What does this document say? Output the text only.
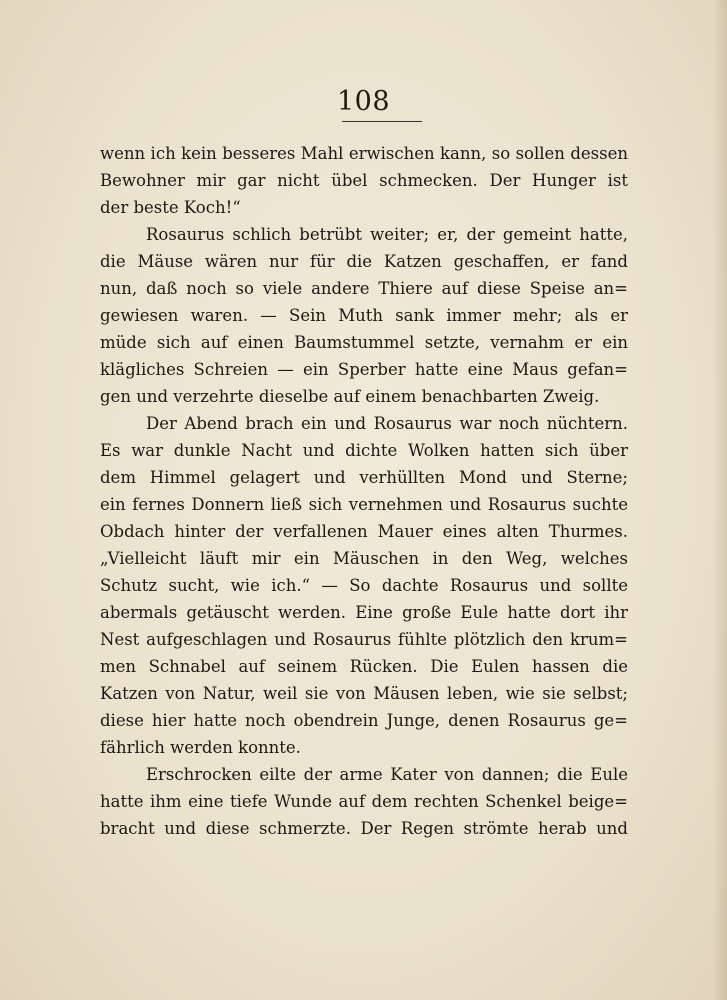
108
wenn ich kein besseres Mahl erwischen kann, so sollen dessen
Bewohner mir gar nicht übel schmecken. Der Hunger ist
der beste Koch!“
Rosaurus schlich betrübt weiter; er, der gemeint hatte,
die Mäuse wären nur für die Katzen geschaffen, er fand
nun, daß noch so viele andere Thiere auf diese Speise an=
gewiesen waren. — Sein Muth sank immer mehr; als er
müde sich auf einen Baumstummel setzte, vernahm er ein
klägliches Schreien — ein Sperber hatte eine Maus gefan=
gen und verzehrte dieselbe auf einem benachbarten Zweig.
Der Abend brach ein und Rosaurus war noch nüchtern.
Es war dunkle Nacht und dichte Wolken hatten sich über
dem Himmel gelagert und verhüllten Mond und Sterne;
ein fernes Donnern ließ sich vernehmen und Rosaurus suchte
Obdach hinter der verfallenen Mauer eines alten Thurmes.
„Vielleicht läuft mir ein Mäuschen in den Weg, welches
Schutz sucht, wie ich.“ — So dachte Rosaurus und sollte
abermals getäuscht werden. Eine große Eule hatte dort ihr
Nest aufgeschlagen und Rosaurus fühlte plötzlich den krum=
men Schnabel auf seinem Rücken. Die Eulen hassen die
Katzen von Natur, weil sie von Mäusen leben, wie sie selbst;
diese hier hatte noch obendrein Junge, denen Rosaurus ge=
fährlich werden konnte.
Erschrocken eilte der arme Kater von dannen; die Eule
hatte ihm eine tiefe Wunde auf dem rechten Schenkel beige=
bracht und diese schmerzte. Der Regen strömte herab und
